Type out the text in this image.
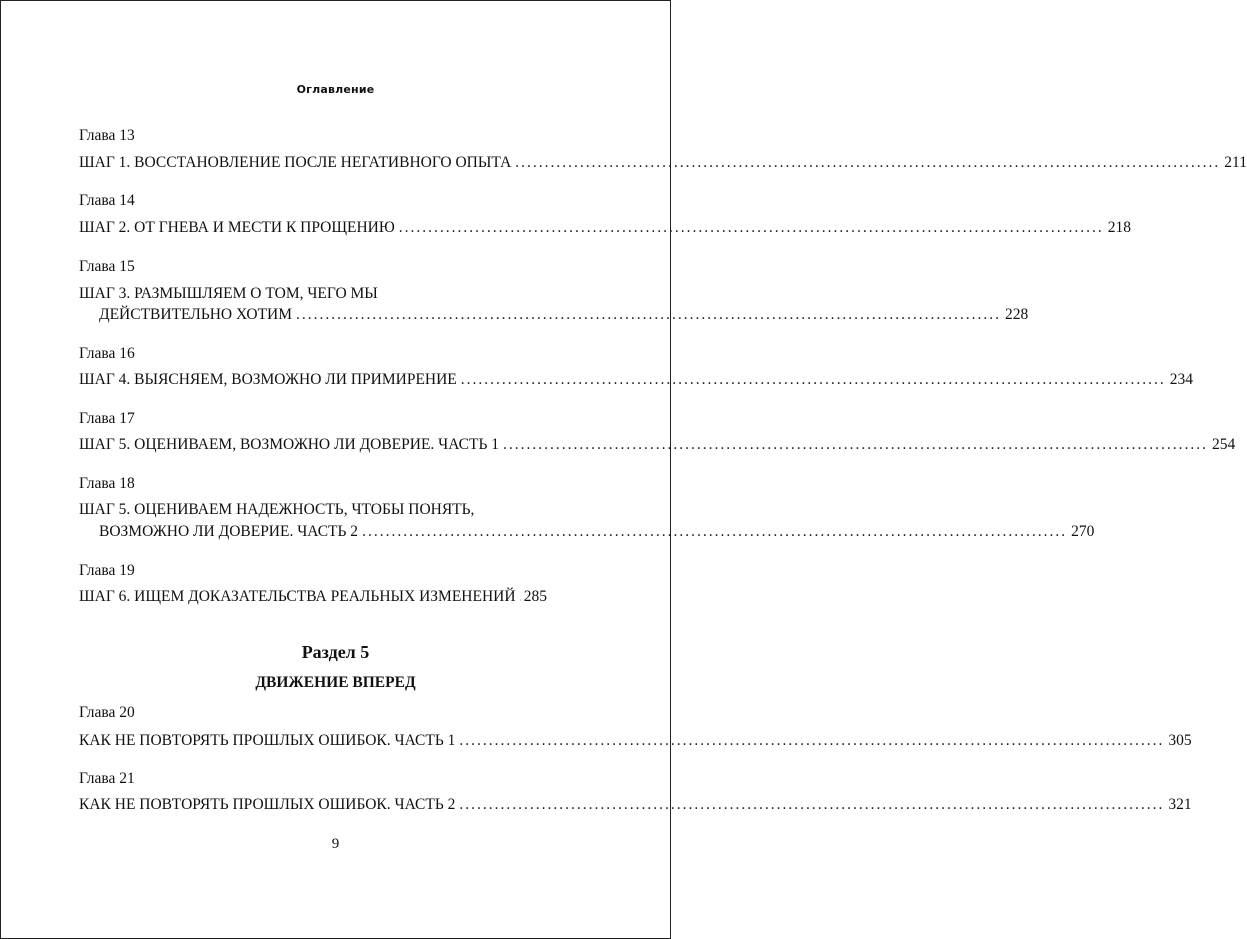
Оглавление
Глава 13
ШАГ 1. ВОССТАНОВЛЕНИЕ ПОСЛЕ НЕГАТИВНОГО ОПЫТА ........................................................................................................................ 211
Глава 14
ШАГ 2. ОТ ГНЕВА И МЕСТИ К ПРОЩЕНИЮ ........................................................................................................................ 218
Глава 15
ШАГ 3. РАЗМЫШЛЯЕМ О ТОМ, ЧЕГО МЫ
ДЕЙСТВИТЕЛЬНО ХОТИМ ........................................................................................................................ 228
Глава 16
ШАГ 4. ВЫЯСНЯЕМ, ВОЗМОЖНО ЛИ ПРИМИРЕНИЕ ........................................................................................................................ 234
Глава 17
ШАГ 5. ОЦЕНИВАЕМ, ВОЗМОЖНО ЛИ ДОВЕРИЕ. ЧАСТЬ 1 ........................................................................................................................ 254
Глава 18
ШАГ 5. ОЦЕНИВАЕМ НАДЕЖНОСТЬ, ЧТОБЫ ПОНЯТЬ,
ВОЗМОЖНО ЛИ ДОВЕРИЕ. ЧАСТЬ 2 ........................................................................................................................ 270
Глава 19
ШАГ 6. ИЩЕМ ДОКАЗАТЕЛЬСТВА РЕАЛЬНЫХ ИЗМЕНЕНИЙ 285
Раздел 5
ДВИЖЕНИЕ ВПЕРЕД
Глава 20
КАК НЕ ПОВТОРЯТЬ ПРОШЛЫХ ОШИБОК. ЧАСТЬ 1 ........................................................................................................................ 305
Глава 21
КАК НЕ ПОВТОРЯТЬ ПРОШЛЫХ ОШИБОК. ЧАСТЬ 2 ........................................................................................................................ 321
9
